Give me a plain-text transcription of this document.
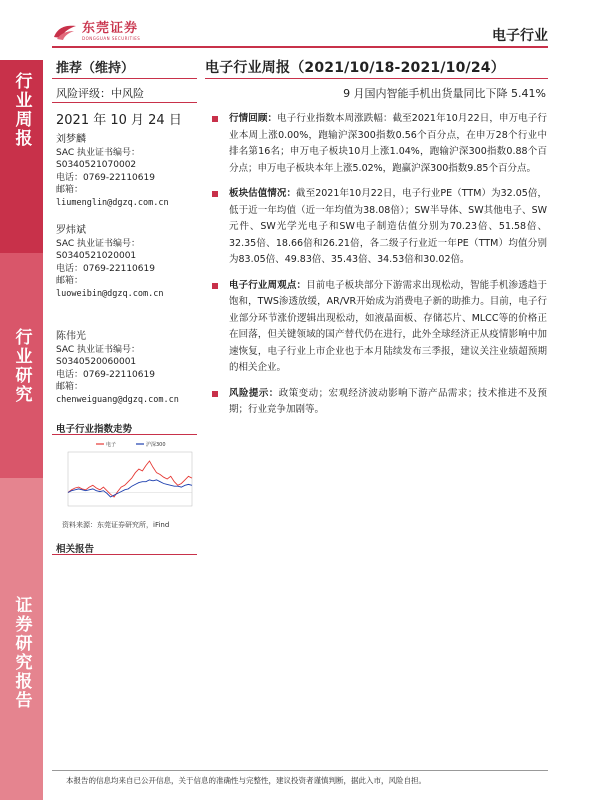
行业周报
行业研究
证券研究报告
东莞证券
DONGGUAN SECURITIES	电子行业
推荐（维持）
风险评级：中风险
2021 年 10 月 24 日
电子行业周报（2021/10/18-2021/10/24）
9 月国内智能手机出货量同比下降 5.41%
刘梦麟
SAC 执业证书编号：
S0340521070002
电话：0769-22110619
邮箱：
liumenglin@dgzq.com.cn
罗炜斌
SAC 执业证书编号：
S0340521020001
电话：0769-22110619
邮箱：
luoweibin@dgzq.com.cn
陈伟光
SAC 执业证书编号：
S0340520060001
电话：0769-22110619
邮箱：
chenweiguang@dgzq.com.cn
电子行业指数走势
电子	沪深300
资料来源：东莞证券研究所，iFind
相关报告
行情回顾：电子行业指数本周涨跌幅：截至2021年10月22日，申万电子行业本周上涨0.00%，跑输沪深300指数0.56个百分点，在申万28个行业中排名第16名；申万电子板块10月上涨1.04%，跑输沪深300指数0.88个百分点；申万电子板块本年上涨5.02%，跑赢沪深300指数9.85个百分点。
板块估值情况：截至2021年10月22日，电子行业PE（TTM）为32.05倍，低于近一年均值（近一年均值为38.08倍）；SW半导体、SW其他电子、SW元件、SW光学光电子和SW电子制造估值分别为70.23倍、51.58倍、32.35倍、18.66倍和26.21倍，各二级子行业近一年PE（TTM）均值分别为83.05倍、49.83倍、35.43倍、34.53倍和30.02倍。
电子行业周观点：目前电子板块部分下游需求出现松动，智能手机渗透趋于饱和，TWS渗透放缓，AR/VR开始成为消费电子新的助推力。目前，电子行业部分环节涨价逻辑出现松动，如液晶面板、存储芯片、MLCC等的价格正在回落，但关键领域的国产替代仍在进行，此外全球经济正从疫情影响中加速恢复，电子行业上市企业也于本月陆续发布三季报，建议关注业绩超预期的相关企业。
风险提示：政策变动；宏观经济波动影响下游产品需求；技术推进不及预期；行业竞争加剧等。
本报告的信息均来自已公开信息，关于信息的准确性与完整性，建议投资者谨慎判断，据此入市，风险自担。
